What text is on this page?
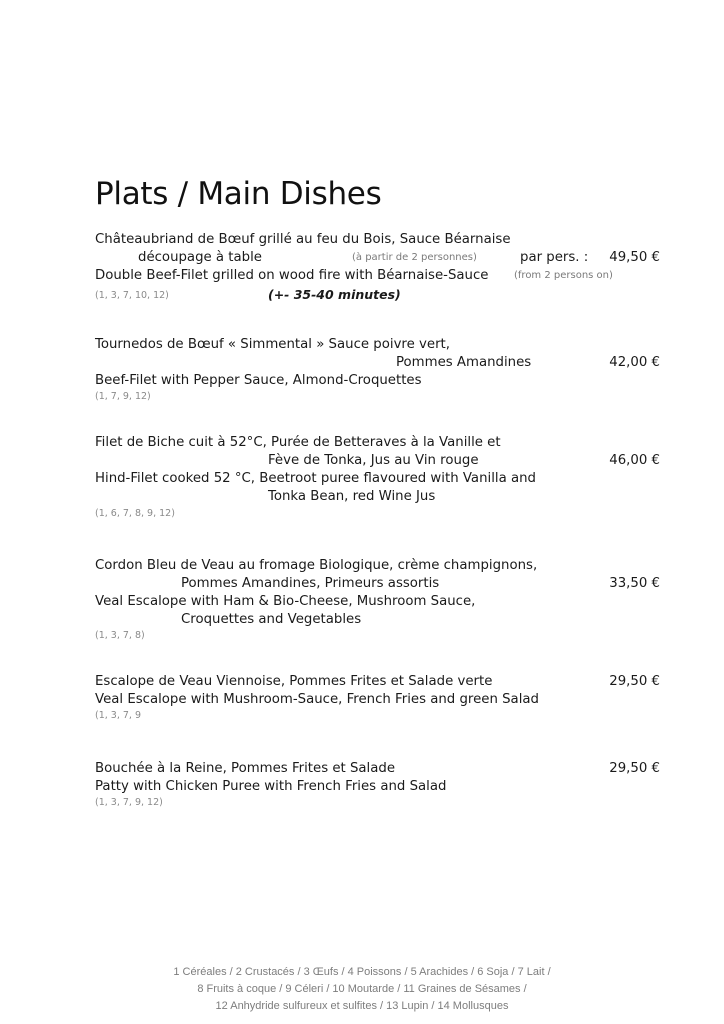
Plats / Main Dishes
Châteaubriand de Bœuf grillé au feu du Bois, Sauce Béarnaise
découpage à table	(à partir de 2 personnes)	par pers. : 49,50 €
Double Beef-Filet grilled on wood fire with Béarnaise-Sauce	(from 2 persons on)
(1, 3, 7, 10, 12)	(+- 35-40 minutes)
Tournedos de Bœuf « Simmental » Sauce poivre vert,
Pommes Amandines	42,00 €
Beef-Filet with Pepper Sauce, Almond-Croquettes
(1, 7, 9, 12)
Filet de Biche cuit à 52°C, Purée de Betteraves à la Vanille et
Fève de Tonka, Jus au Vin rouge	46,00 €
Hind-Filet cooked 52 °C, Beetroot puree flavoured with Vanilla and
Tonka Bean, red Wine Jus
(1, 6, 7, 8, 9, 12)
Cordon Bleu de Veau au fromage Biologique, crème champignons,
Pommes Amandines, Primeurs assortis	33,50 €
Veal Escalope with Ham & Bio-Cheese, Mushroom Sauce,
Croquettes and Vegetables
(1, 3, 7, 8)
Escalope de Veau Viennoise, Pommes Frites et Salade verte	29,50 €
Veal Escalope with Mushroom-Sauce, French Fries and green Salad
(1, 3, 7, 9
Bouchée à la Reine, Pommes Frites et Salade	29,50 €
Patty with Chicken Puree with French Fries and Salad
(1, 3, 7, 9, 12)
1 Céréales / 2 Crustacés / 3 Œufs / 4 Poissons / 5 Arachides / 6 Soja / 7 Lait /
8 Fruits à coque / 9 Céleri / 10 Moutarde / 11 Graines de Sésames /
12 Anhydride sulfureux et sulfites / 13 Lupin / 14 Mollusques
